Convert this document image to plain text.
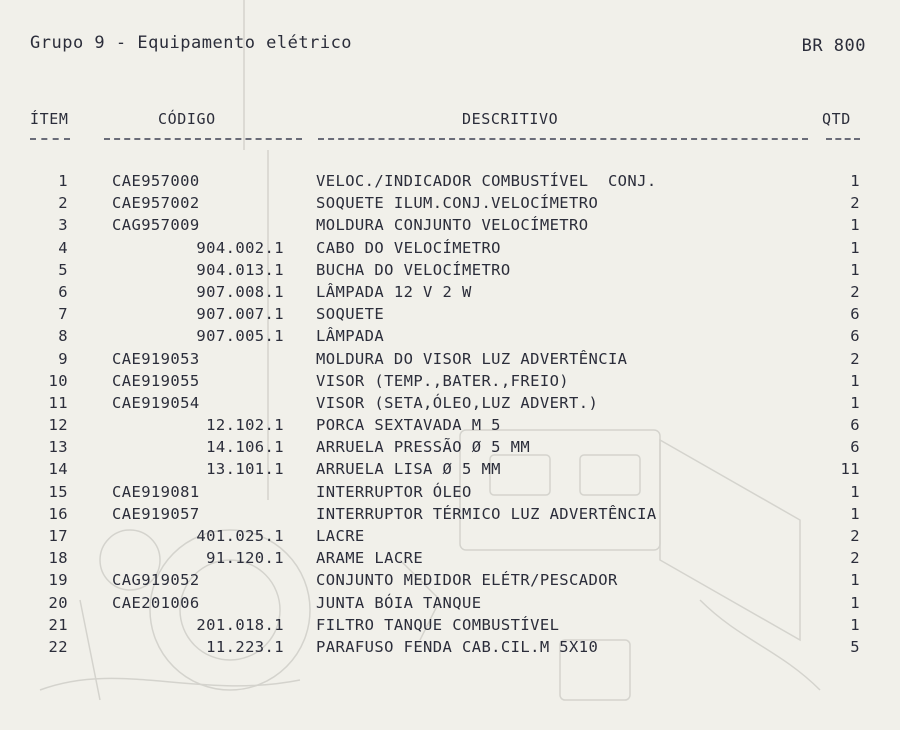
Grupo 9 - Equipamento elétrico	BR 800
ÍTEM	CÓDIGO	DESCRITIVO	QTD
1	CAE957000	VELOC./INDICADOR COMBUSTÍVEL  CONJ.	1
2	CAE957002	SOQUETE ILUM.CONJ.VELOCÍMETRO	2
3	CAG957009	MOLDURA CONJUNTO VELOCÍMETRO	1
4	904.002.1 CABO DO VELOCÍMETRO	1
5	904.013.1 BUCHA DO VELOCÍMETRO	1
6	907.008.1 LÂMPADA 12 V 2 W	2
7	907.007.1 SOQUETE	6
8	907.005.1 LÂMPADA	6
9	CAE919053	MOLDURA DO VISOR LUZ ADVERTÊNCIA	2
10	CAE919055	VISOR (TEMP.,BATER.,FREIO)	1
11	CAE919054	VISOR (SETA,ÓLEO,LUZ ADVERT.)	1
12	12.102.1 PORCA SEXTAVADA M 5	6
13	14.106.1 ARRUELA PRESSÃO Ø 5 MM	6
14	13.101.1 ARRUELA LISA Ø 5 MM	11
15	CAE919081	INTERRUPTOR ÓLEO	1
16	CAE919057	INTERRUPTOR TÉRMICO LUZ ADVERTÊNCIA	1
17	401.025.1 LACRE	2
18	91.120.1 ARAME LACRE	2
19	CAG919052	CONJUNTO MEDIDOR ELÉTR/PESCADOR	1
20	CAE201006	JUNTA BÓIA TANQUE	1
21	201.018.1 FILTRO TANQUE COMBUSTÍVEL	1
22	11.223.1 PARAFUSO FENDA CAB.CIL.M 5X10	5
